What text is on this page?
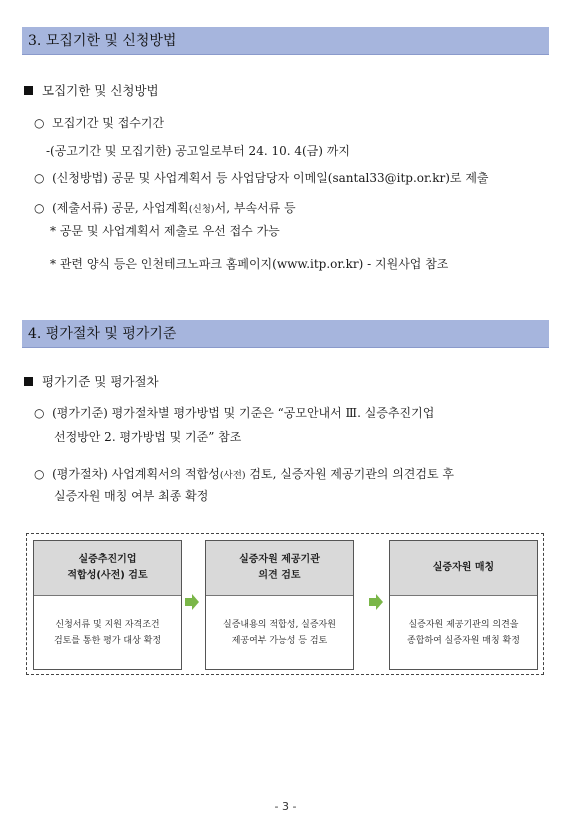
3. 모집기한 및 신청방법
모집기한 및 신청방법
○ 모집기간 및 접수기간
-(공고기간 및 모집기한) 공고일로부터 24. 10. 4(금) 까지
○ (신청방법) 공문 및 사업계획서 등 사업담당자 이메일(santal33@itp.or.kr)로 제출
○ (제출서류) 공문, 사업계획(신청)서, 부속서류 등
* 공문 및 사업계획서 제출로 우선 접수 가능
* 관련 양식 등은 인천테크노파크 홈페이지(www.itp.or.kr) - 지원사업 참조
4. 평가절차 및 평가기준
평가기준 및 평가절차
○ (평가기준) 평가절차별 평가방법 및 기준은 “공모안내서 Ⅲ. 실증추진기업
선정방안 2. 평가방법 및 기준” 참조
○ (평가절차) 사업계획서의 적합성(사전) 검토, 실증자원 제공기관의 의견검토 후
실증자원 매칭 여부 최종 확정
실증추진기업
적합성(사전) 검토
신청서류 및 지원 자격조건
검토를 통한 평가 대상 확정
실증자원 제공기관
의견 검토
실증내용의 적합성, 실증자원
제공여부 가능성 등 검토
실증자원 매칭
실증자원 제공기관의 의견을
종합하여 실증자원 매칭 확정
- 3 -
